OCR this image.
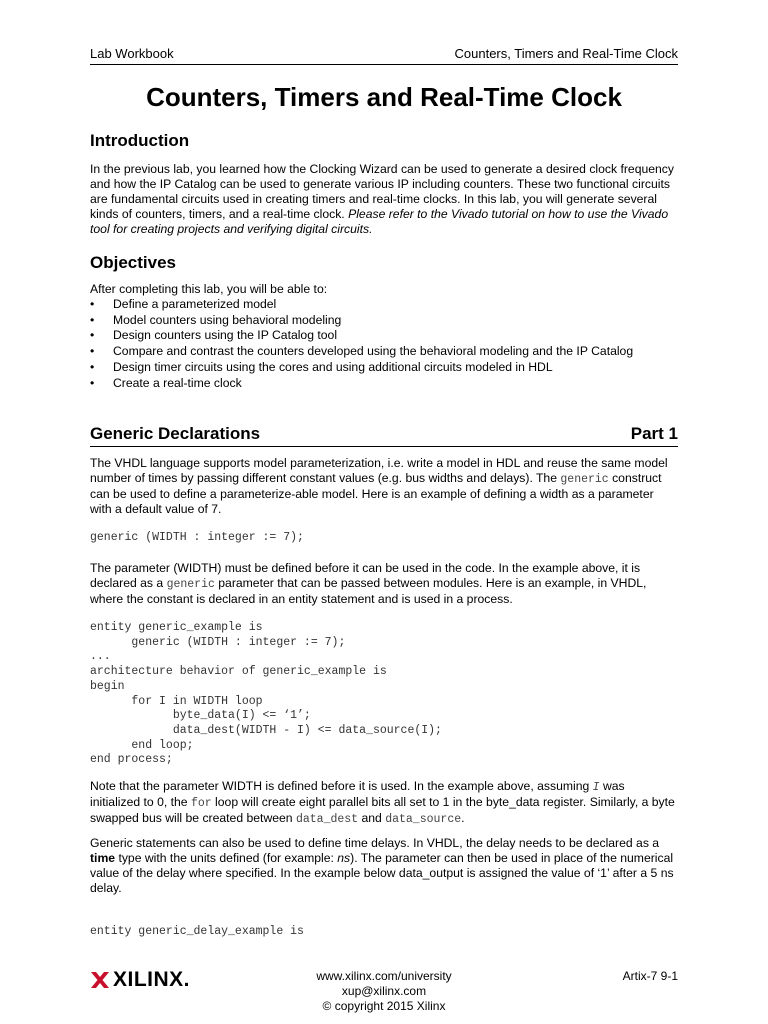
Lab Workbook	Counters, Timers and Real-Time Clock
Counters, Timers and Real-Time Clock
Introduction
In the previous lab, you learned how the Clocking Wizard can be used to generate a desired clock frequency and how the IP Catalog can be used to generate various IP including counters. These two functional circuits are fundamental circuits used in creating timers and real-time clocks. In this lab, you will generate several kinds of counters, timers, and a real-time clock. Please refer to the Vivado tutorial on how to use the Vivado tool for creating projects and verifying digital circuits.
Objectives
After completing this lab, you will be able to:
•	Define a parameterized model
•	Model counters using behavioral modeling
•	Design counters using the IP Catalog tool
•	Compare and contrast the counters developed using the behavioral modeling and the IP Catalog
•	Design timer circuits using the cores and using additional circuits modeled in HDL
•	Create a real-time clock
Generic Declarations	Part 1
The VHDL language supports model parameterization, i.e. write a model in HDL and reuse the same model number of times by passing different constant values (e.g. bus widths and delays). The generic construct can be used to define a parameterize-able model. Here is an example of defining a width as a parameter with a default value of 7.
generic (WIDTH : integer := 7);
The parameter (WIDTH) must be defined before it can be used in the code. In the example above, it is declared as a generic parameter that can be passed between modules. Here is an example, in VHDL, where the constant is declared in an entity statement and is used in a process.
entity generic_example is
generic (WIDTH : integer := 7);
...
architecture behavior of generic_example is
begin
for I in WIDTH loop
byte_data(I) <= ‘1’;
data_dest(WIDTH - I) <= data_source(I);
end loop;
end process;
Note that the parameter WIDTH is defined before it is used. In the example above, assuming I was initialized to 0, the for loop will create eight parallel bits all set to 1 in the byte_data register. Similarly, a byte swapped bus will be created between data_dest and data_source.
Generic statements can also be used to define time delays. In VHDL, the delay needs to be declared as a time type with the units defined (for example: ns). The parameter can then be used in place of the numerical value of the delay where specified. In the example below data_output is assigned the value of ‘1’ after a 5 ns delay.
entity generic_delay_example is
XILINX.	www.xilinx.com/university
xup@xilinx.com
© copyright 2015 Xilinx
Artix-7 9-1
